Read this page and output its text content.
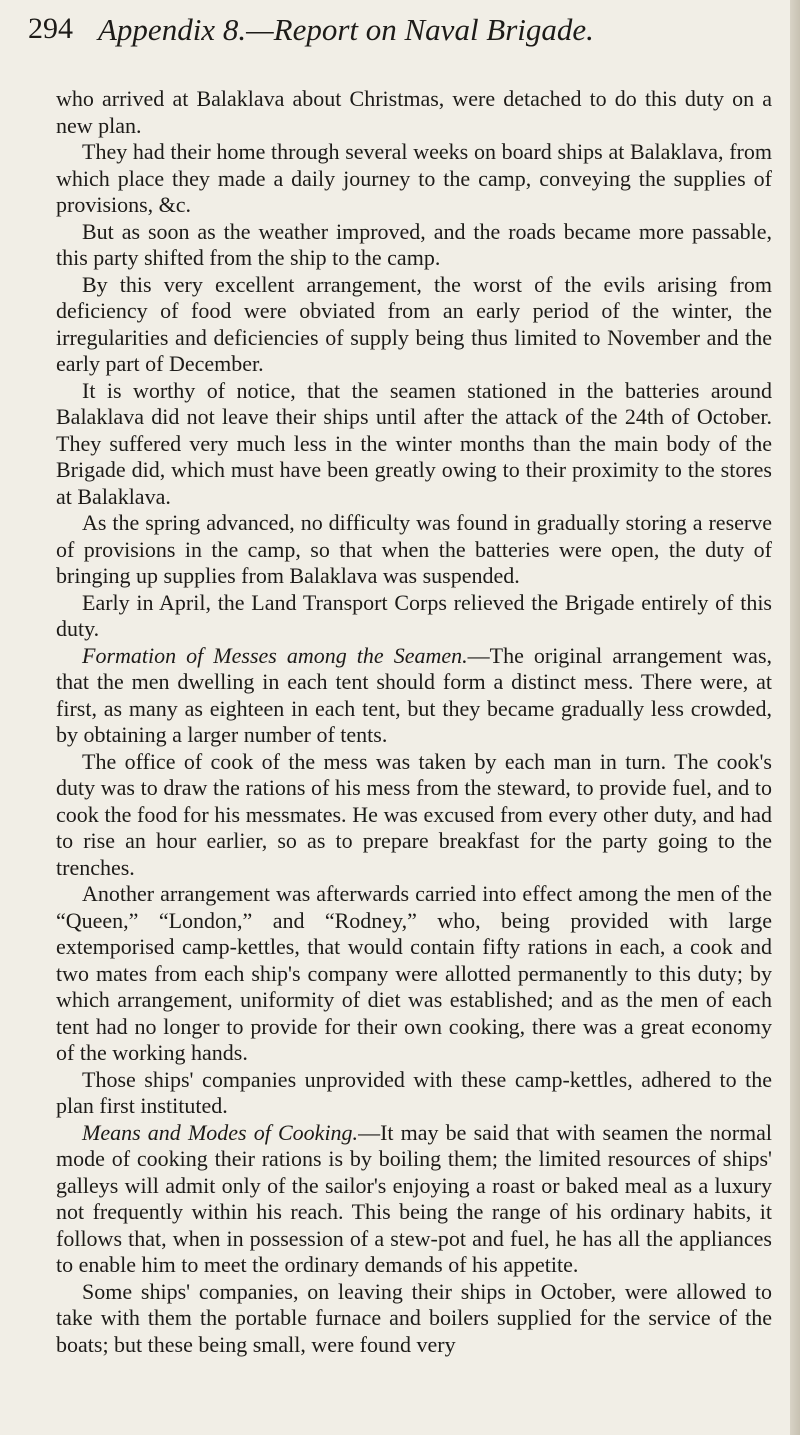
294 Appendix 8.—Report on Naval Brigade.

who arrived at Balaklava about Christmas, were detached to do this duty on a new plan.

They had their home through several weeks on board ships at Balaklava, from which place they made a daily journey to the camp, conveying the supplies of provisions, &c.

But as soon as the weather improved, and the roads became more passable, this party shifted from the ship to the camp.

By this very excellent arrangement, the worst of the evils arising from deficiency of food were obviated from an early period of the winter, the irregularities and deficiencies of supply being thus limited to November and the early part of December.

It is worthy of notice, that the seamen stationed in the batteries around Balaklava did not leave their ships until after the attack of the 24th of October. They suffered very much less in the winter months than the main body of the Brigade did, which must have been greatly owing to their proximity to the stores at Balaklava.

As the spring advanced, no difficulty was found in gradually storing a reserve of provisions in the camp, so that when the batteries were open, the duty of bringing up supplies from Balaklava was suspended.

Early in April, the Land Transport Corps relieved the Brigade entirely of this duty.

Formation of Messes among the Seamen.—The original arrangement was, that the men dwelling in each tent should form a distinct mess. There were, at first, as many as eighteen in each tent, but they became gradually less crowded, by obtaining a larger number of tents.

The office of cook of the mess was taken by each man in turn. The cook's duty was to draw the rations of his mess from the steward, to provide fuel, and to cook the food for his messmates. He was excused from every other duty, and had to rise an hour earlier, so as to prepare breakfast for the party going to the trenches.

Another arrangement was afterwards carried into effect among the men of the “Queen,” “London,” and “Rodney,” who, being provided with large extemporised camp-kettles, that would contain fifty rations in each, a cook and two mates from each ship's company were allotted permanently to this duty; by which arrangement, uniformity of diet was established; and as the men of each tent had no longer to provide for their own cooking, there was a great economy of the working hands.

Those ships' companies unprovided with these camp-kettles, adhered to the plan first instituted.

Means and Modes of Cooking.—It may be said that with seamen the normal mode of cooking their rations is by boiling them; the limited resources of ships' galleys will admit only of the sailor's enjoying a roast or baked meal as a luxury not frequently within his reach. This being the range of his ordinary habits, it follows that, when in possession of a stew-pot and fuel, he has all the appliances to enable him to meet the ordinary demands of his appetite.

Some ships' companies, on leaving their ships in October, were allowed to take with them the portable furnace and boilers supplied for the service of the boats; but these being small, were found very
